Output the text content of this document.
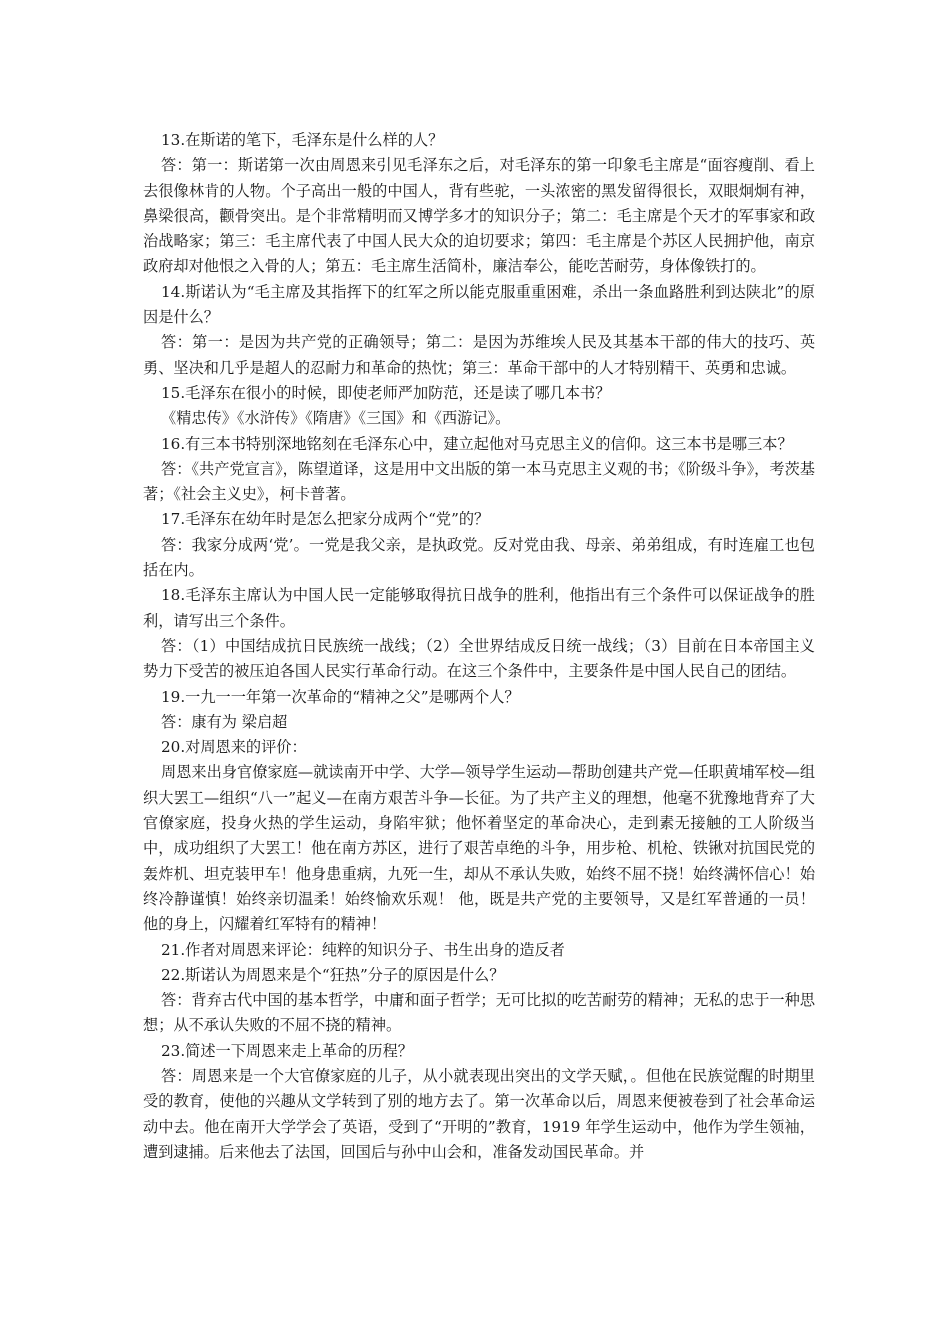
13.在斯诺的笔下，毛泽东是什么样的人？

答：第一：斯诺第一次由周恩来引见毛泽东之后，对毛泽东的第一印象毛主席是“面容瘦削、看上去很像林肯的人物。个子高出一般的中国人，背有些驼，一头浓密的黑发留得很长，双眼炯炯有神，鼻梁很高，颧骨突出。是个非常精明而又博学多才的知识分子；第二：毛主席是个天才的军事家和政治战略家；第三：毛主席代表了中国人民大众的迫切要求；第四：毛主席是个苏区人民拥护他，南京政府却对他恨之入骨的人；第五：毛主席生活简朴，廉洁奉公，能吃苦耐劳，身体像铁打的。

14.斯诺认为“毛主席及其指挥下的红军之所以能克服重重困难，杀出一条血路胜利到达陕北”的原因是什么？

答：第一：是因为共产党的正确领导；第二：是因为苏维埃人民及其基本干部的伟大的技巧、英勇、坚决和几乎是超人的忍耐力和革命的热忱；第三：革命干部中的人才特别精干、英勇和忠诚。

15.毛泽东在很小的时候，即使老师严加防范，还是读了哪几本书？

《精忠传》《水浒传》《隋唐》《三国》和《西游记》。

16.有三本书特别深地铭刻在毛泽东心中，建立起他对马克思主义的信仰。这三本书是哪三本？

答：《共产党宣言》，陈望道译，这是用中文出版的第一本马克思主义观的书；《阶级斗争》，考茨基著；《社会主义史》，柯卡普著。

17.毛泽东在幼年时是怎么把家分成两个“党”的？

答：我家分成两‘党’。一党是我父亲，是执政党。反对党由我、母亲、弟弟组成，有时连雇工也包括在内。

18.毛泽东主席认为中国人民一定能够取得抗日战争的胜利，他指出有三个条件可以保证战争的胜利，请写出三个条件。

答：（1）中国结成抗日民族统一战线；（2）全世界结成反日统一战线；（3）目前在日本帝国主义势力下受苦的被压迫各国人民实行革命行动。在这三个条件中，主要条件是中国人民自己的团结。

19.一九一一年第一次革命的“精神之父”是哪两个人？

答：康有为 梁启超

20.对周恩来的评价：

周恩来出身官僚家庭—就读南开中学、大学—领导学生运动—帮助创建共产党—任职黄埔军校—组织大罢工—组织“八一”起义—在南方艰苦斗争—长征。为了共产主义的理想，他毫不犹豫地背弃了大官僚家庭，投身火热的学生运动，身陷牢狱；他怀着坚定的革命决心，走到素无接触的工人阶级当中，成功组织了大罢工！他在南方苏区，进行了艰苦卓绝的斗争，用步枪、机枪、铁锹对抗国民党的轰炸机、坦克装甲车！他身患重病，九死一生，却从不承认失败，始终不屈不挠！始终满怀信心！始终冷静谨慎！始终亲切温柔！始终愉欢乐观！ 他，既是共产党的主要领导，又是红军普通的一员！他的身上，闪耀着红军特有的精神！

21.作者对周恩来评论：纯粹的知识分子、书生出身的造反者

22.斯诺认为周恩来是个“狂热”分子的原因是什么？

答：背弃古代中国的基本哲学，中庸和面子哲学；无可比拟的吃苦耐劳的精神；无私的忠于一种思想；从不承认失败的不屈不挠的精神。

23.简述一下周恩来走上革命的历程？

答：周恩来是一个大官僚家庭的儿子，从小就表现出突出的文学天赋，。但他在民族觉醒的时期里受的教育，使他的兴趣从文学转到了别的地方去了。第一次革命以后，周恩来便被卷到了社会革命运动中去。他在南开大学学会了英语，受到了“开明的”教育，1919 年学生运动中，他作为学生领袖，遭到逮捕。后来他去了法国，回国后与孙中山会和，准备发动国民革命。并
